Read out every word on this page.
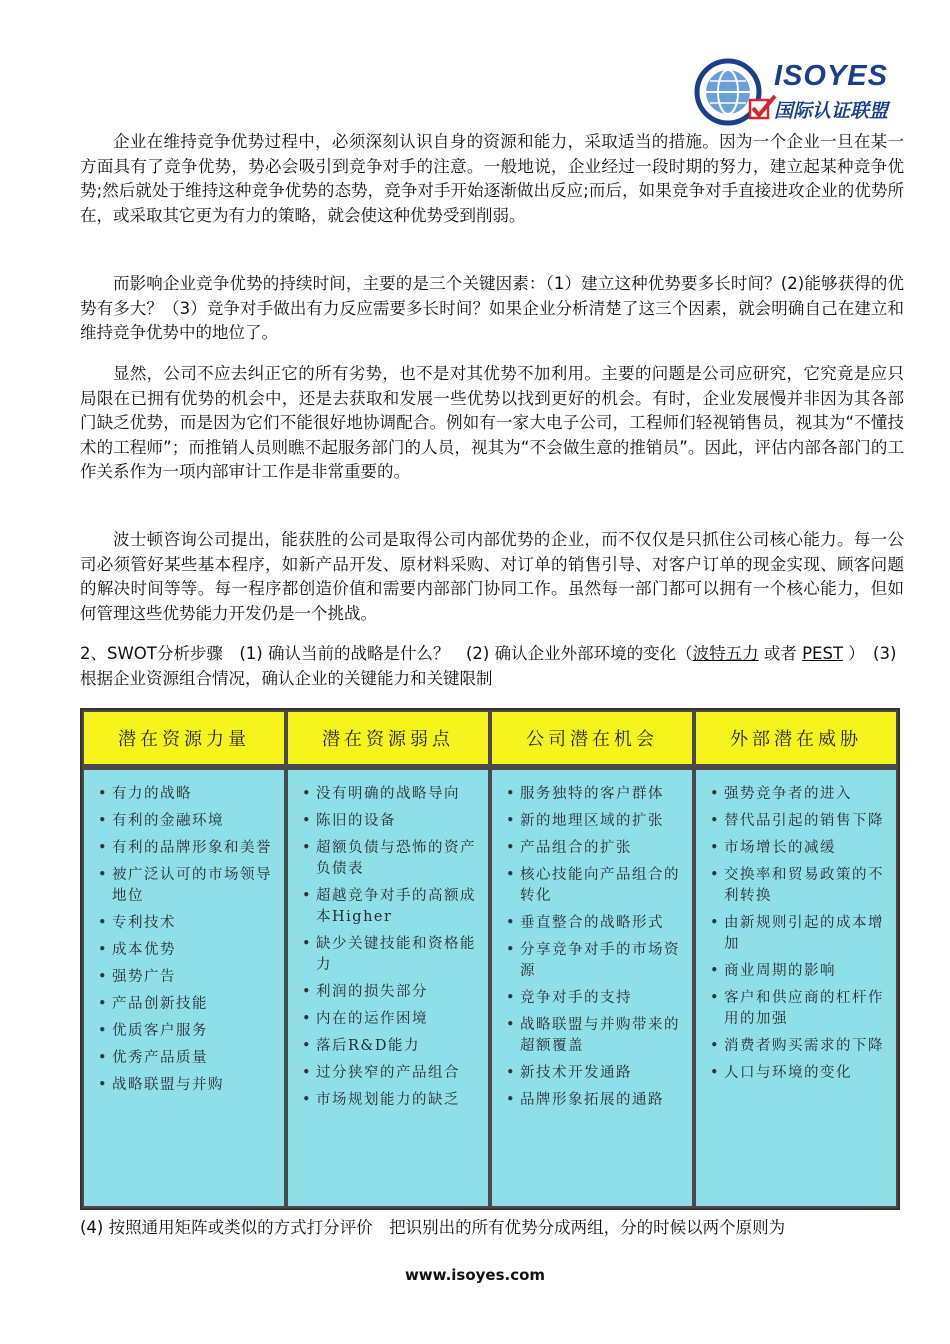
ISOYES
国际认证联盟
企业在维持竞争优势过程中，必须深刻认识自身的资源和能力，采取适当的措施。因为一个企业一旦在某一方面具有了竞争优势，势必会吸引到竞争对手的注意。一般地说，企业经过一段时期的努力，建立起某种竞争优势;然后就处于维持这种竞争优势的态势，竞争对手开始逐渐做出反应;而后，如果竞争对手直接进攻企业的优势所在，或采取其它更为有力的策略，就会使这种优势受到削弱。
而影响企业竞争优势的持续时间，主要的是三个关键因素：（1）建立这种优势要多长时间？(2)能够获得的优势有多大？（3）竞争对手做出有力反应需要多长时间？如果企业分析清楚了这三个因素，就会明确自己在建立和维持竞争优势中的地位了。
显然，公司不应去纠正它的所有劣势，也不是对其优势不加利用。主要的问题是公司应研究，它究竟是应只局限在已拥有优势的机会中，还是去获取和发展一些优势以找到更好的机会。有时，企业发展慢并非因为其各部门缺乏优势，而是因为它们不能很好地协调配合。例如有一家大电子公司，工程师们轻视销售员，视其为“不懂技术的工程师”；而推销人员则瞧不起服务部门的人员，视其为“不会做生意的推销员”。因此，评估内部各部门的工作关系作为一项内部审计工作是非常重要的。
波士顿咨询公司提出，能获胜的公司是取得公司内部优势的企业，而不仅仅是只抓住公司核心能力。每一公司必须管好某些基本程序，如新产品开发、原材料采购、对订单的销售引导、对客户订单的现金实现、顾客问题的解决时间等等。每一程序都创造价值和需要内部部门协同工作。虽然每一部门都可以拥有一个核心能力，但如何管理这些优势能力开发仍是一个挑战。
2、SWOT分析步骤　(1) 确认当前的战略是什么？　(2) 确认企业外部环境的变化（波特五力 或者 PEST ）　(3) 根据企业资源组合情况，确认企业的关键能力和关键限制
潜在资源力量
• 有力的战略
• 有利的金融环境
• 有利的品牌形象和美誉
• 被广泛认可的市场领导地位
• 专利技术
• 成本优势
• 强势广告
• 产品创新技能
• 优质客户服务
• 优秀产品质量
• 战略联盟与并购
潜在资源弱点
• 没有明确的战略导向
• 陈旧的设备
• 超额负债与恐怖的资产负债表
• 超越竞争对手的高额成本Higher
• 缺少关键技能和资格能力
• 利润的损失部分
• 内在的运作困境
• 落后R&D能力
• 过分狭窄的产品组合
• 市场规划能力的缺乏
公司潜在机会
• 服务独特的客户群体
• 新的地理区域的扩张
• 产品组合的扩张
• 核心技能向产品组合的转化
• 垂直整合的战略形式
• 分享竞争对手的市场资源
• 竞争对手的支持
• 战略联盟与并购带来的超额覆盖
• 新技术开发通路
• 品牌形象拓展的通路
外部潜在威胁
• 强势竞争者的进入
• 替代品引起的销售下降
• 市场增长的减缓
• 交换率和贸易政策的不利转换
• 由新规则引起的成本增加
• 商业周期的影响
• 客户和供应商的杠杆作用的加强
• 消费者购买需求的下降
• 人口与环境的变化
(4) 按照通用矩阵或类似的方式打分评价　把识别出的所有优势分成两组，分的时候以两个原则为
www.isoyes.com
